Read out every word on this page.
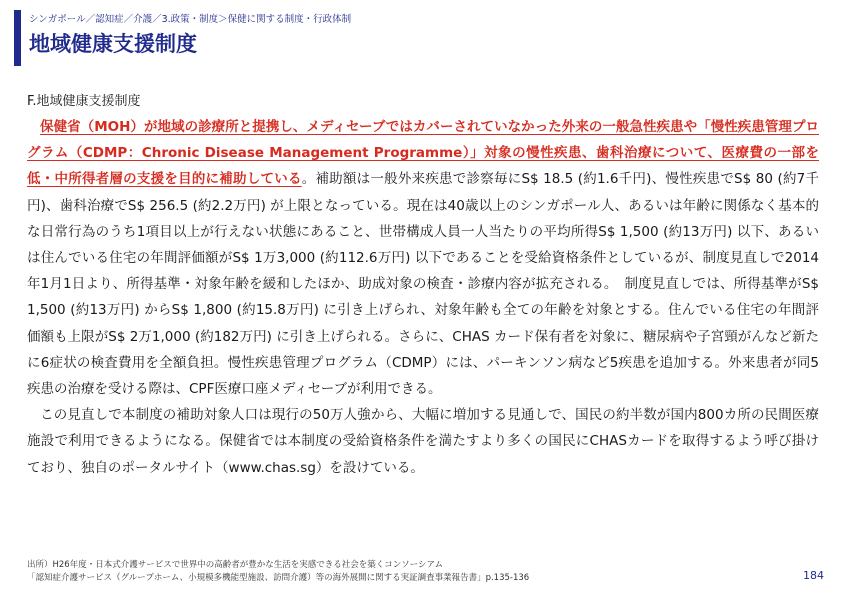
シンガポール／認知症／介護／3.政策・制度＞保健に関する制度・行政体制
地域健康支援制度
F.地域健康支援制度

保健省（MOH）が地域の診療所と提携し、メディセーブではカバーされていなかった外来の一般急性疾患や「慢性疾患管理プログラム（CDMP：Chronic Disease Management Programme）」対象の慢性疾患、歯科治療について、医療費の一部を低・中所得者層の支援を目的に補助している。補助額は一般外来疾患で診察毎にS$ 18.5 (約1.6千円)、慢性疾患でS$ 80 (約7千円)、歯科治療でS$ 256.5 (約2.2万円) が上限となっている。現在は40歳以上のシンガポール人、あるいは年齢に関係なく基本的な日常行為のうち1項目以上が行えない状態にあること、世帯構成人員一人当たりの平均所得S$ 1,500 (約13万円) 以下、あるいは住んでいる住宅の年間評価額がS$ 1万3,000 (約112.6万円) 以下であることを受給資格条件としているが、制度見直しで2014年1月1日より、所得基準・対象年齢を緩和したほか、助成対象の検査・診療内容が拡充される。　制度見直しでは、所得基準がS$ 1,500 (約13万円) からS$ 1,800 (約15.8万円) に引き上げられ、対象年齢も全ての年齢を対象とする。住んでいる住宅の年間評価額も上限がS$ 2万1,000 (約182万円) に引き上げられる。さらに、CHAS カード保有者を対象に、糖尿病や子宮頸がんなど新たに6症状の検査費用を全額負担。慢性疾患管理プログラム（CDMP）には、パーキンソン病など5疾患を追加する。外来患者が同5 疾患の治療を受ける際は、CPF医療口座メディセーブが利用できる。

この見直しで本制度の補助対象人口は現行の50万人強から、大幅に増加する見通しで、国民の約半数が国内800カ所の民間医療施設で利用できるようになる。保健省では本制度の受給資格条件を満たすより多くの国民にCHASカードを取得するよう呼び掛けており、独自のポータルサイト（www.chas.sg）を設けている。

出所）H26年度・日本式介護サービスで世界中の高齢者が豊かな生活を実感できる社会を築くコンソーシアム
「認知症介護サービス（グループホーム、小規模多機能型施設、訪問介護）等の海外展開に関する実証調査事業報告書」p.135-136	184
